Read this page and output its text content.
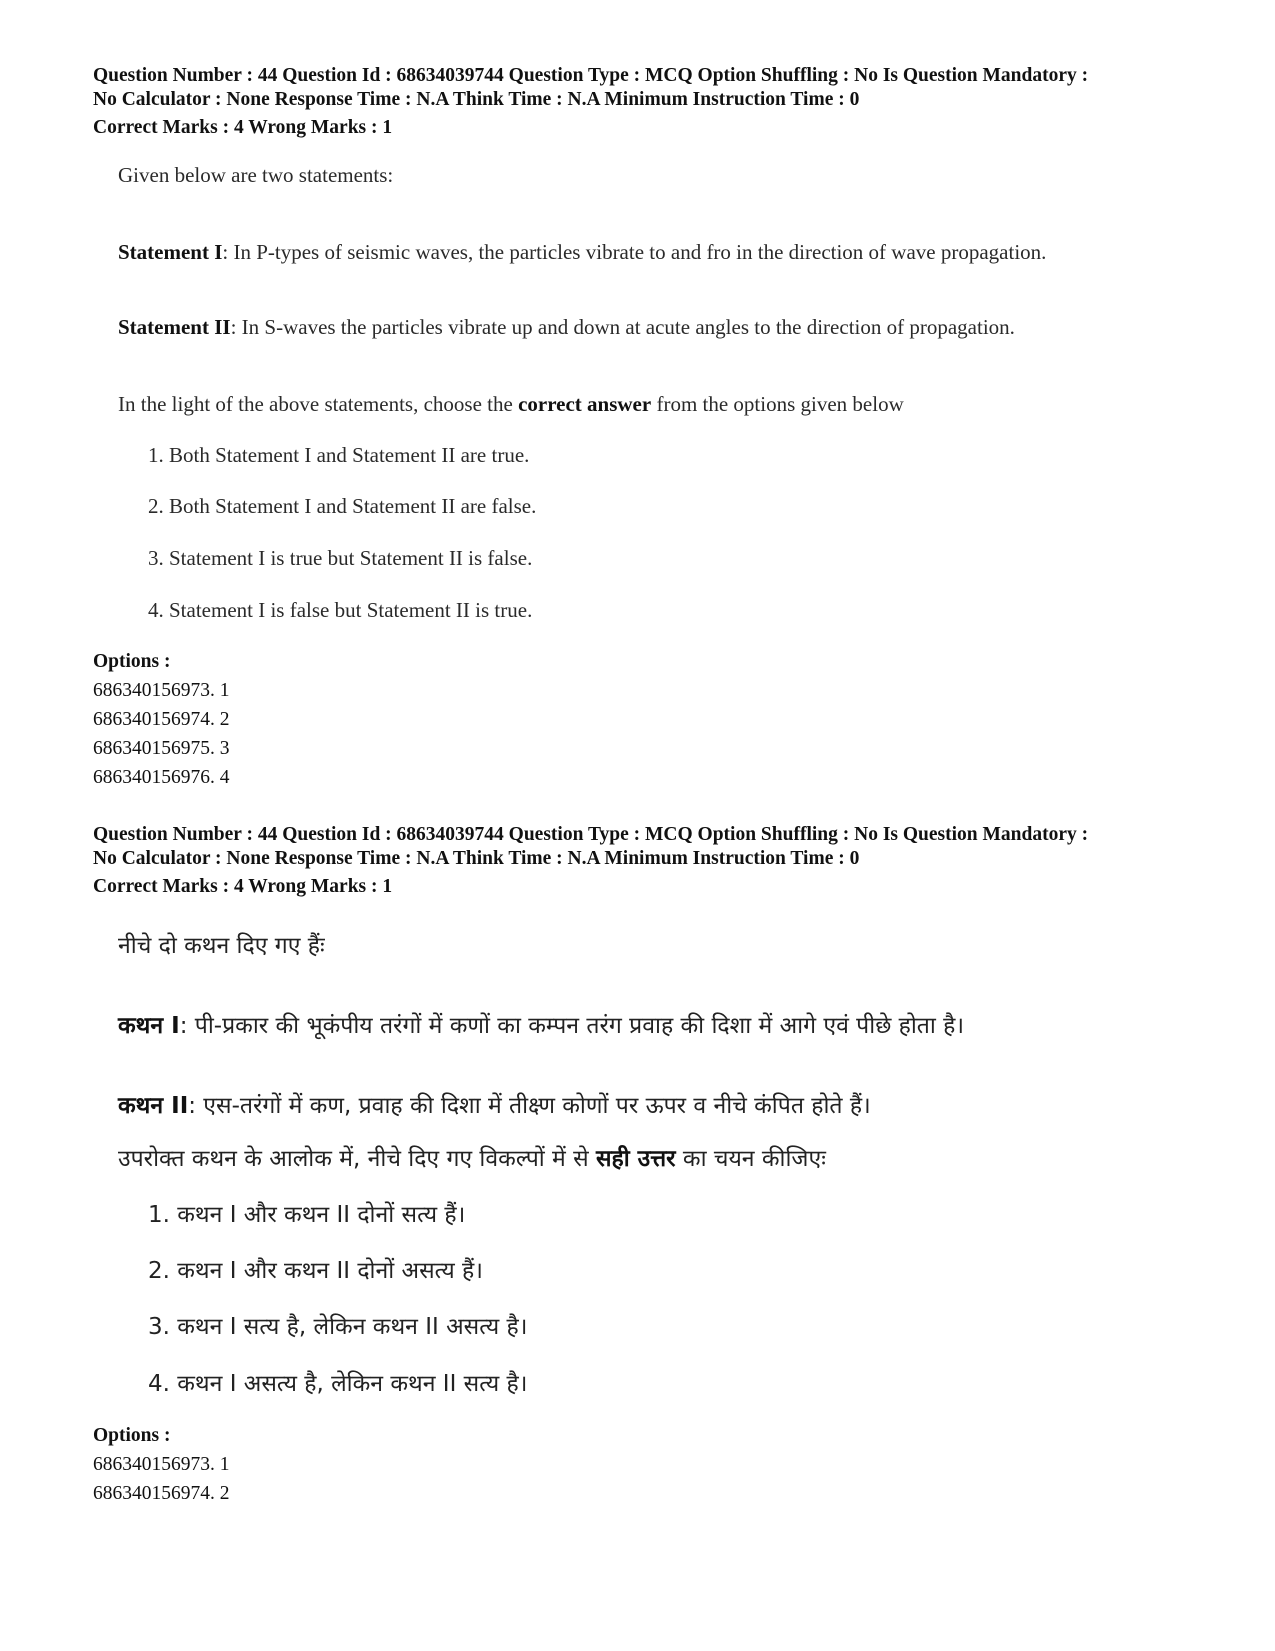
Question Number : 44 Question Id : 68634039744 Question Type : MCQ Option Shuffling : No Is Question Mandatory :
No Calculator : None Response Time : N.A Think Time : N.A Minimum Instruction Time : 0
Correct Marks : 4 Wrong Marks : 1
Given below are two statements:
Statement I: In P-types of seismic waves, the particles vibrate to and fro in the direction of wave propagation.
Statement II: In S-waves the particles vibrate up and down at acute angles to the direction of propagation.
In the light of the above statements, choose the correct answer from the options given below
1. Both Statement I and Statement II are true.
2. Both Statement I and Statement II are false.
3. Statement I is true but Statement II is false.
4. Statement I is false but Statement II is true.
Options :
686340156973. 1
686340156974. 2
686340156975. 3
686340156976. 4
Question Number : 44 Question Id : 68634039744 Question Type : MCQ Option Shuffling : No Is Question Mandatory :
No Calculator : None Response Time : N.A Think Time : N.A Minimum Instruction Time : 0
Correct Marks : 4 Wrong Marks : 1
नीचे दो कथन दिए गए हैंः
कथन I: पी-प्रकार की भूकंपीय तरंगों में कणों का कम्पन तरंग प्रवाह की दिशा में आगे एवं पीछे होता है।
कथन II: एस-तरंगों में कण, प्रवाह की दिशा में तीक्ष्ण कोणों पर ऊपर व नीचे कंपित होते हैं।
उपरोक्त कथन के आलोक में, नीचे दिए गए विकल्पों में से सही उत्तर का चयन कीजिएः
1. कथन I और कथन II दोनों सत्य हैं।
2. कथन I और कथन II दोनों असत्य हैं।
3. कथन I सत्य है, लेकिन कथन II असत्य है।
4. कथन I असत्य है, लेकिन कथन II सत्य है।
Options :
686340156973. 1
686340156974. 2
